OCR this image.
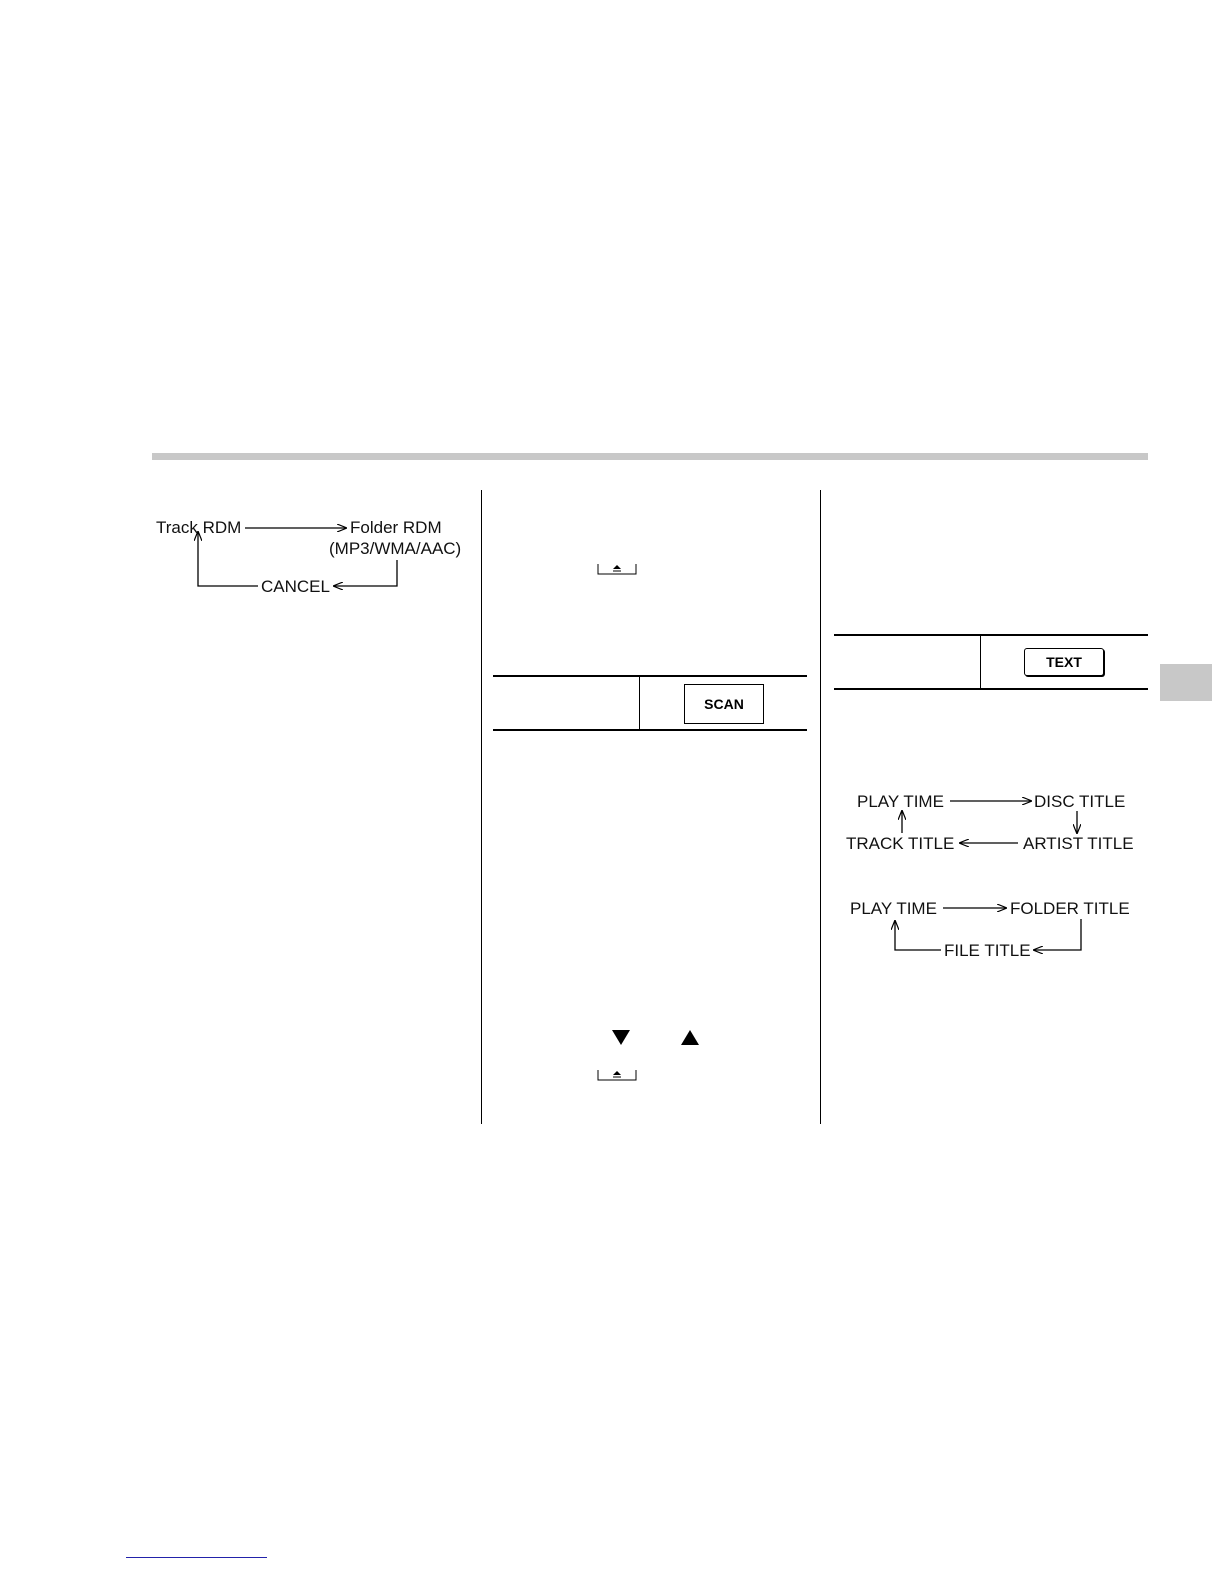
Track RDM	Folder RDM
(MP3/WMA/AAC)
CANCEL
SCAN
TEXT
PLAY TIME	DISC TITLE
TRACK TITLE	ARTIST TITLE
PLAY TIME	FOLDER TITLE
FILE TITLE
